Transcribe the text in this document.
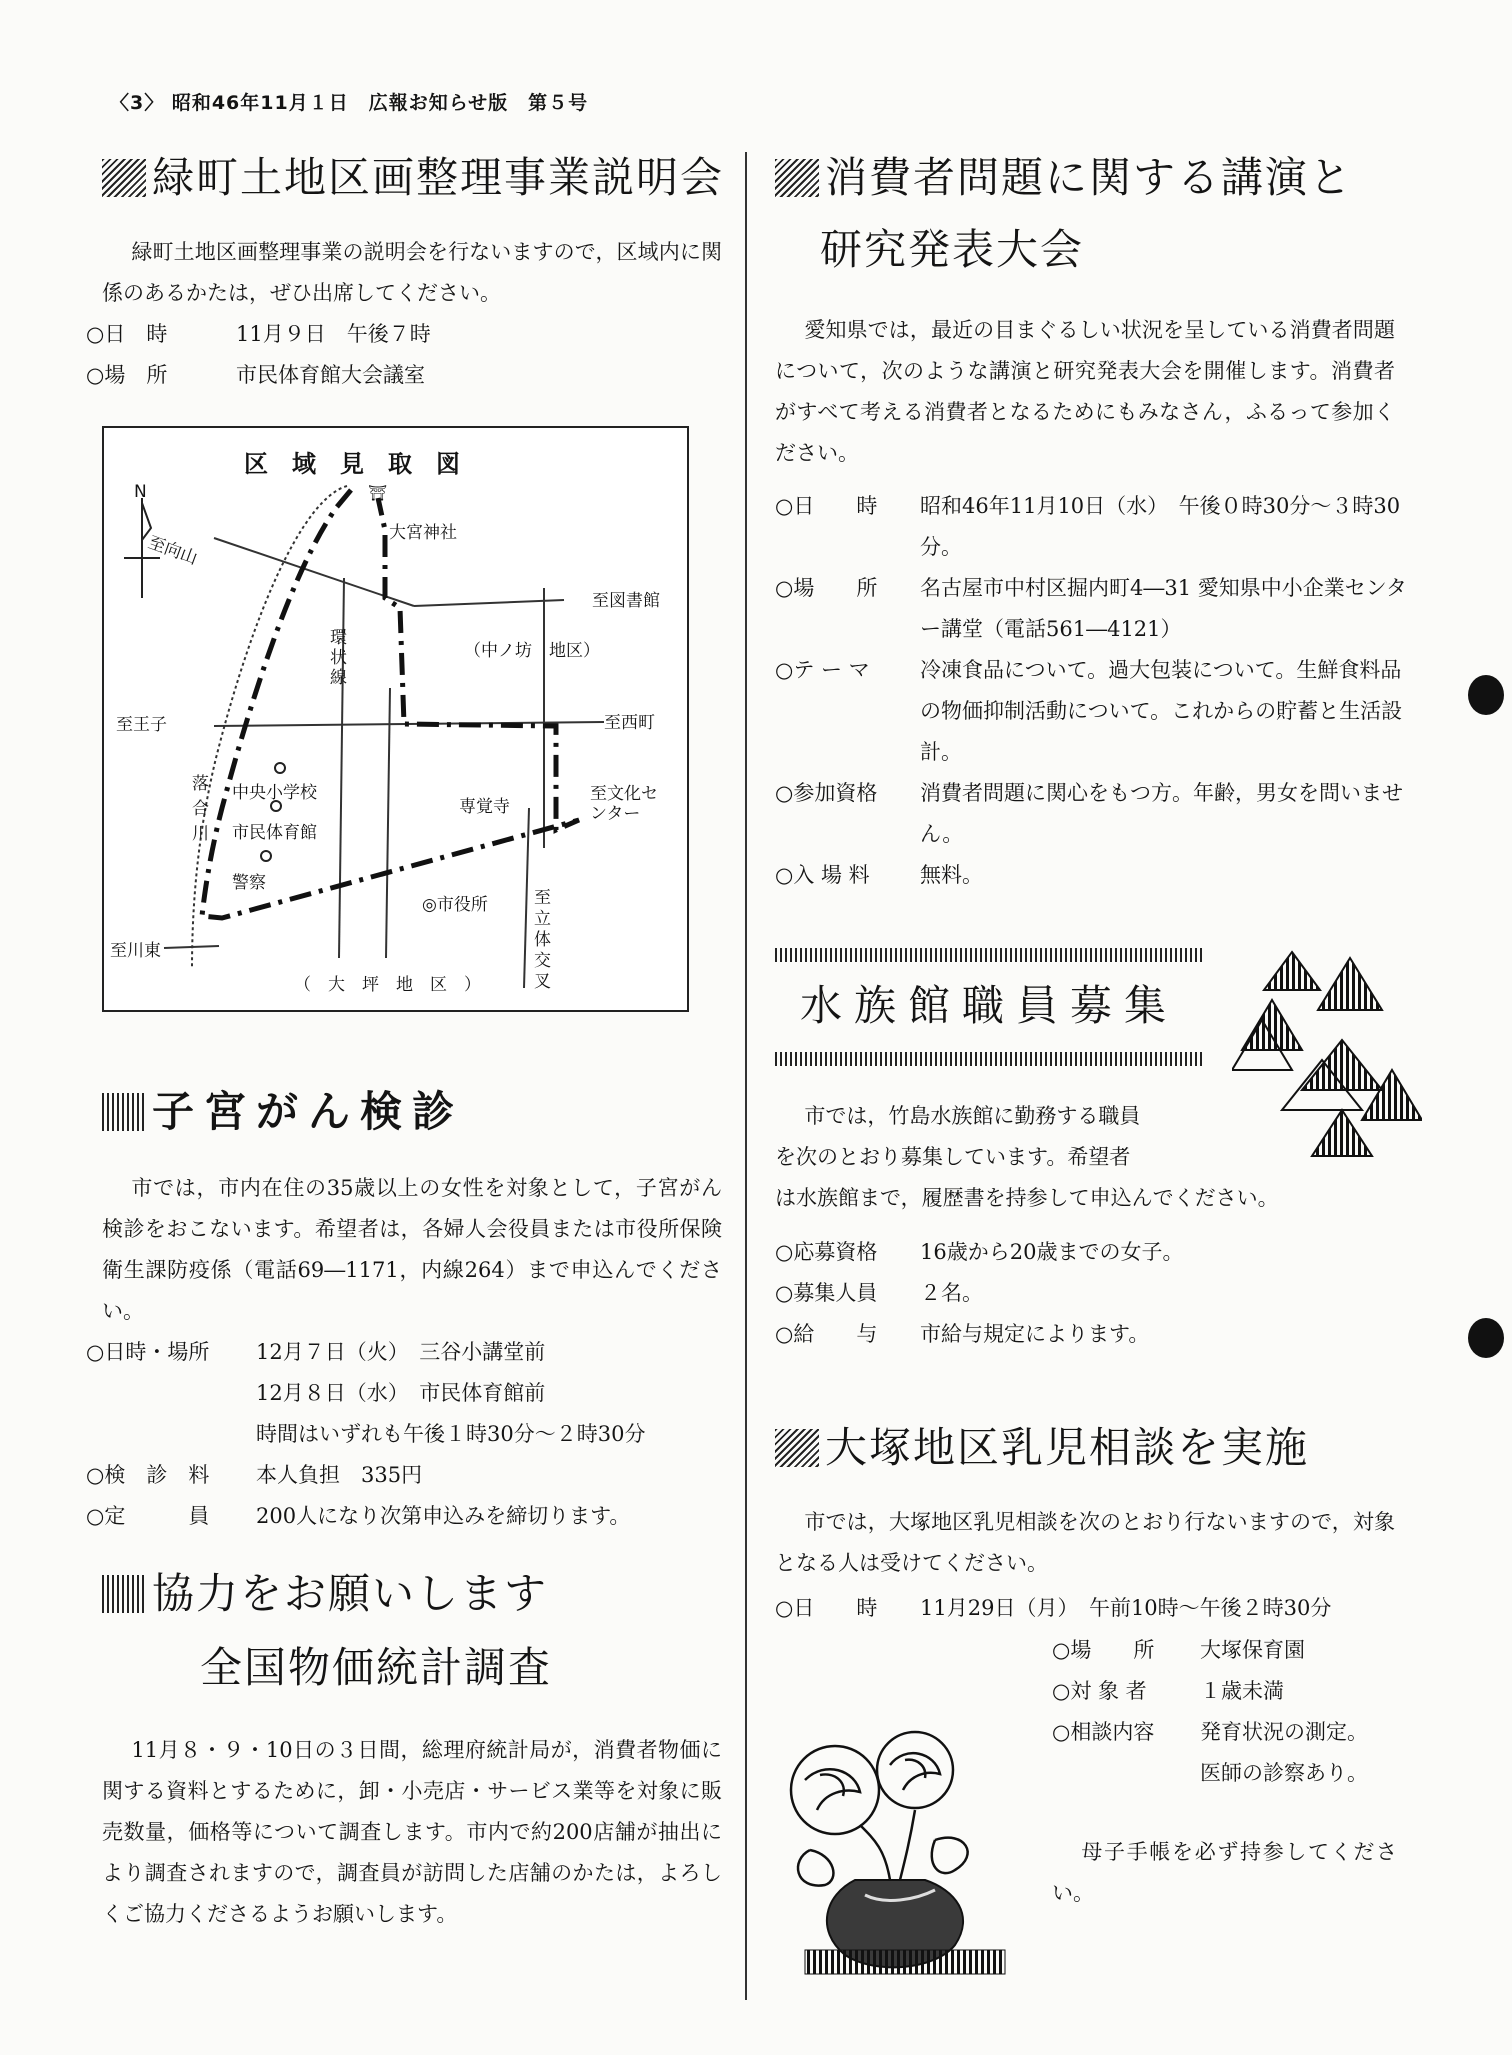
〈3〉 昭和46年11月１日　広報お知らせ版　第５号
緑町土地区画整理事業説明会
緑町土地区画整理事業の説明会を行ないますので，区域内に関係のあるかたは，ぜひ出席してください。
○日　時	11月９日　午後７時
○場　所	市民体育館大会議室
区　域　見　取　図
N	⛩
大宮神社
至向山
至図書館
（中ノ坊　地区）
環状線
至王子	至西町
落合川
中央小学校
市民体育館
警察
専覚寺
至文化センター
◎市役所	至立体交叉
至川東
（　大　坪　地　区　）
子宮がん検診
市では，市内在住の35歳以上の女性を対象として，子宮がん検診をおこないます。希望者は，各婦人会役員または市役所保険衛生課防疫係（電話69―1171，内線264）まで申込んでください。
○日時・場所	12月７日（火）　三谷小講堂前
12月８日（水）　市民体育館前
時間はいずれも午後１時30分～２時30分
○検　診　料	本人負担　335円
○定　　　員	200人になり次第申込みを締切ります。
協力をお願いします
全国物価統計調査
11月８・９・10日の３日間，総理府統計局が，消費者物価に関する資料とするために，卸・小売店・サービス業等を対象に販売数量，価格等について調査します。市内で約200店舗が抽出により調査されますので，調査員が訪問した店舗のかたは，よろしくご協力くださるようお願いします。
消費者問題に関する講演と
研究発表大会
愛知県では，最近の目まぐるしい状況を呈している消費者問題について，次のような講演と研究発表大会を開催します。消費者がすべて考える消費者となるためにもみなさん，ふるって参加ください。
○日　　時	昭和46年11月10日（水）　午後０時30分～３時30分。
○場　　所	名古屋市中村区掘内町4―31 愛知県中小企業センター講堂（電話561―4121）
○テ ー マ	冷凍食品について。過大包装について。生鮮食料品の物価抑制活動について。これからの貯蓄と生活設計。
○参加資格	消費者問題に関心をもつ方。年齢，男女を問いません。
○入 場 料	無料。
水族館職員募集
市では，竹島水族館に勤務する職員
を次のとおり募集しています。希望者
は水族館まで，履歴書を持参して申込んでください。
○応募資格	16歳から20歳までの女子。
○募集人員	２名。
○給　　与	市給与規定によります。
大塚地区乳児相談を実施
市では，大塚地区乳児相談を次のとおり行ないますので，対象となる人は受けてください。
○日　　時	11月29日（月）　午前10時～午後２時30分
○場　　所	大塚保育園
○対 象 者	１歳未満
○相談内容	発育状況の測定。
医師の診察あり。
母子手帳を必ず持参してください。
